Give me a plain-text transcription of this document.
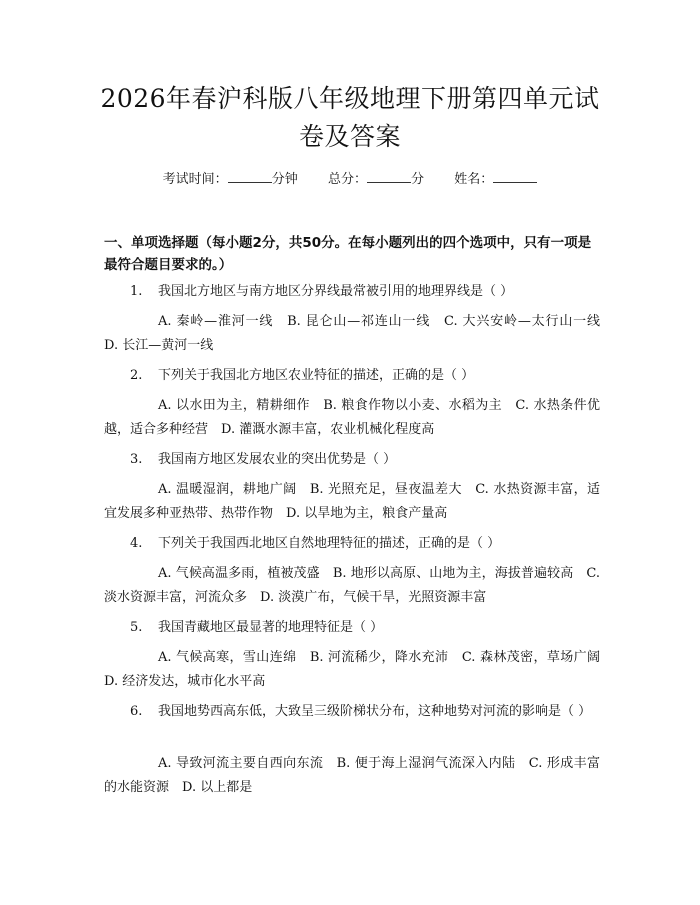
2026年春沪科版八年级地理下册第四单元试卷及答案
考试时间：	分钟 总分：	分 姓名：
一、单项选择题（每小题2分，共50分。在每小题列出的四个选项中，只有一项是最符合题目要求的。）
1. 我国北方地区与南方地区分界线最常被引用的地理界线是（ ）
A. 秦岭—淮河一线　B. 昆仑山—祁连山一线　C. 大兴安岭—太行山一线　D. 长江—黄河一线
2. 下列关于我国北方地区农业特征的描述，正确的是（ ）
A. 以水田为主，精耕细作　B. 粮食作物以小麦、水稻为主　C. 水热条件优越，适合多种经营　D. 灌溉水源丰富，农业机械化程度高
3. 我国南方地区发展农业的突出优势是（ ）
A. 温暖湿润，耕地广阔　B. 光照充足，昼夜温差大　C. 水热资源丰富，适宜发展多种亚热带、热带作物　D. 以旱地为主，粮食产量高
4. 下列关于我国西北地区自然地理特征的描述，正确的是（ ）
A. 气候高温多雨，植被茂盛　B. 地形以高原、山地为主，海拔普遍较高　C. 淡水资源丰富，河流众多　D. 淡漠广布，气候干旱，光照资源丰富
5. 我国青藏地区最显著的地理特征是（ ）
A. 气候高寒，雪山连绵　B. 河流稀少，降水充沛　C. 森林茂密，草场广阔　D. 经济发达，城市化水平高
6. 我国地势西高东低，大致呈三级阶梯状分布，这种地势对河流的影响是（ ）
A. 导致河流主要自西向东流　B. 便于海上湿润气流深入内陆　C. 形成丰富的水能资源　D. 以上都是
